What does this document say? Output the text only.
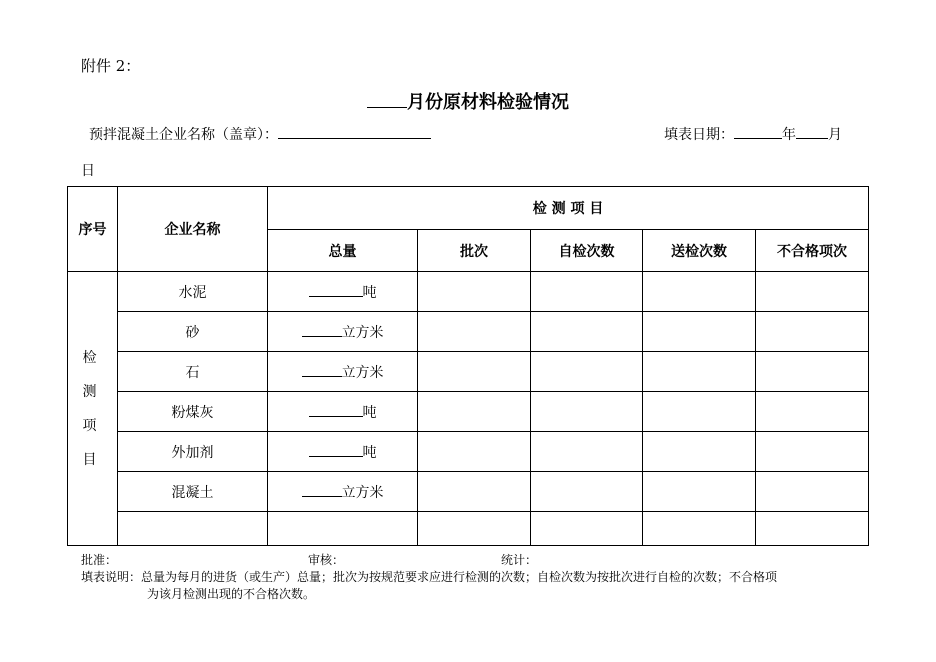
附件 2：
月份原材料检验情况
预拌混凝土企业名称（盖章）：	填表日期：	年 月
日
序号	企业名称	检 测 项 目				
		总量	批次	自检次数	送检次数	不合格项次

检 测
项 目	水泥	吨				
	砂	立方米				
	石	立方米				
	粉煤灰	吨				
	外加剂	吨				
	混凝土	立方米				

批准：	审核：	统计：
填表说明：总量为每月的进货（或生产）总量；批次为按规范要求应进行检测的次数；自检次数为按批次进行自检的次数；不合格项
为该月检测出现的不合格次数。
